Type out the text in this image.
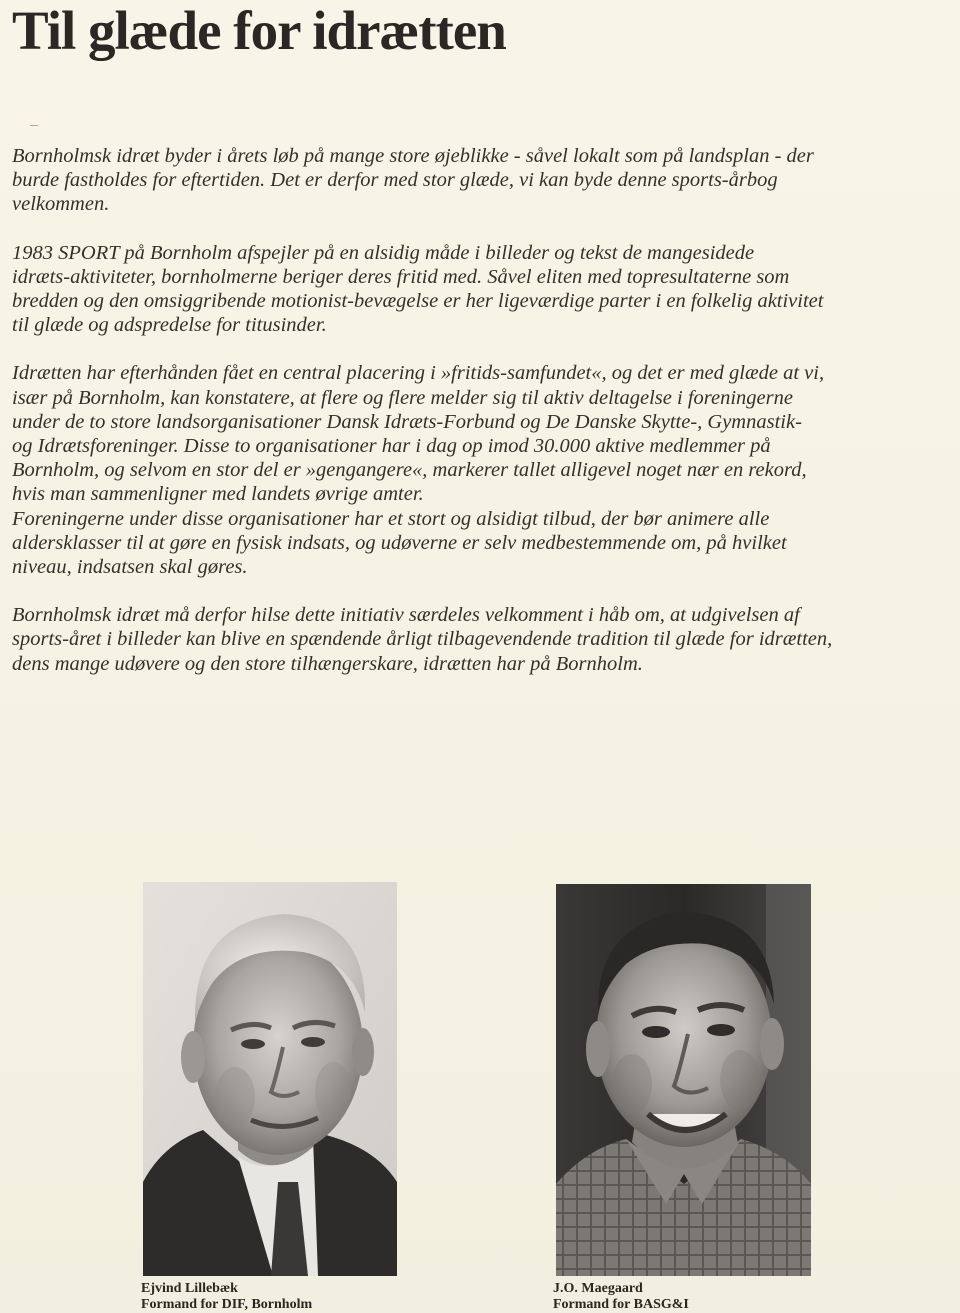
Til glæde for idrætten

Bornholmsk idræt byder i årets løb på mange store øjeblikke - såvel lokalt som på landsplan - der
burde fastholdes for eftertiden. Det er derfor med stor glæde, vi kan byde denne sports-årbog
velkommen.

1983 SPORT på Bornholm afspejler på en alsidig måde i billeder og tekst de mangesidede
idræts-aktiviteter, bornholmerne beriger deres fritid med. Såvel eliten med topresultaterne som
bredden og den omsiggribende motionist-bevægelse er her ligeværdige parter i en folkelig aktivitet
til glæde og adspredelse for titusinder.

Idrætten har efterhånden fået en central placering i »fritids-samfundet«, og det er med glæde at vi,
især på Bornholm, kan konstatere, at flere og flere melder sig til aktiv deltagelse i foreningerne
under de to store landsorganisationer Dansk Idræts-Forbund og De Danske Skytte-, Gymnastik-
og Idrætsforeninger. Disse to organisationer har i dag op imod 30.000 aktive medlemmer på
Bornholm, og selvom en stor del er »gengangere«, markerer tallet alligevel noget nær en rekord,
hvis man sammenligner med landets øvrige amter.

Foreningerne under disse organisationer har et stort og alsidigt tilbud, der bør animere alle
aldersklasser til at gøre en fysisk indsats, og udøverne er selv medbestemmende om, på hvilket
niveau, indsatsen skal gøres.

Bornholmsk idræt må derfor hilse dette initiativ særdeles velkomment i håb om, at udgivelsen af
sports-året i billeder kan blive en spændende årligt tilbagevendende tradition til glæde for idrætten,
dens mange udøvere og den store tilhængerskare, idrætten har på Bornholm.

Ejvind Lillebæk
Formand for DIF, Bornholm
J.O. Maegaard
Formand for BASG&I
